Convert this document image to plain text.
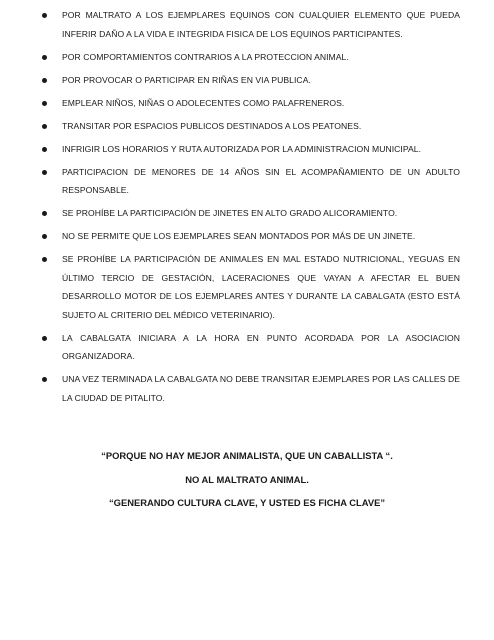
POR MALTRATO A LOS EJEMPLARES EQUINOS CON CUALQUIER ELEMENTO QUE PUEDA INFERIR DAÑO A LA VIDA E INTEGRIDA FISICA DE LOS EQUINOS PARTICIPANTES.
POR COMPORTAMIENTOS CONTRARIOS A LA PROTECCION ANIMAL.
POR PROVOCAR O PARTICIPAR EN RIÑAS EN VIA PUBLICA.
EMPLEAR NIÑOS, NIÑAS O ADOLECENTES COMO PALAFRENEROS.
TRANSITAR POR ESPACIOS PUBLICOS DESTINADOS A LOS PEATONES.
INFRIGIR LOS HORARIOS Y RUTA AUTORIZADA POR LA ADMINISTRACION MUNICIPAL.
PARTICIPACION DE MENORES DE 14 AÑOS SIN EL ACOMPAÑAMIENTO DE UN ADULTO RESPONSABLE.
SE PROHÍBE LA PARTICIPACIÓN DE JINETES EN ALTO GRADO ALICORAMIENTO.
NO SE PERMITE QUE LOS EJEMPLARES SEAN MONTADOS POR MÁS DE UN JINETE.
SE PROHÍBE LA PARTICIPACIÓN DE ANIMALES EN MAL ESTADO NUTRICIONAL, YEGUAS EN ÚLTIMO TERCIO DE GESTACIÓN, LACERACIONES QUE VAYAN A AFECTAR EL BUEN DESARROLLO MOTOR DE LOS EJEMPLARES ANTES Y DURANTE LA CABALGATA (ESTO ESTÁ SUJETO AL CRITERIO DEL MÉDICO VETERINARIO).
LA CABALGATA INICIARA A LA HORA EN PUNTO ACORDADA POR LA ASOCIACION ORGANIZADORA.
UNA VEZ TERMINADA LA CABALGATA NO DEBE TRANSITAR EJEMPLARES POR LAS CALLES DE LA CIUDAD DE PITALITO.

“PORQUE NO HAY MEJOR ANIMALISTA, QUE UN CABALLISTA “.

NO AL MALTRATO ANIMAL.

“GENERANDO CULTURA CLAVE, Y USTED ES FICHA CLAVE”
